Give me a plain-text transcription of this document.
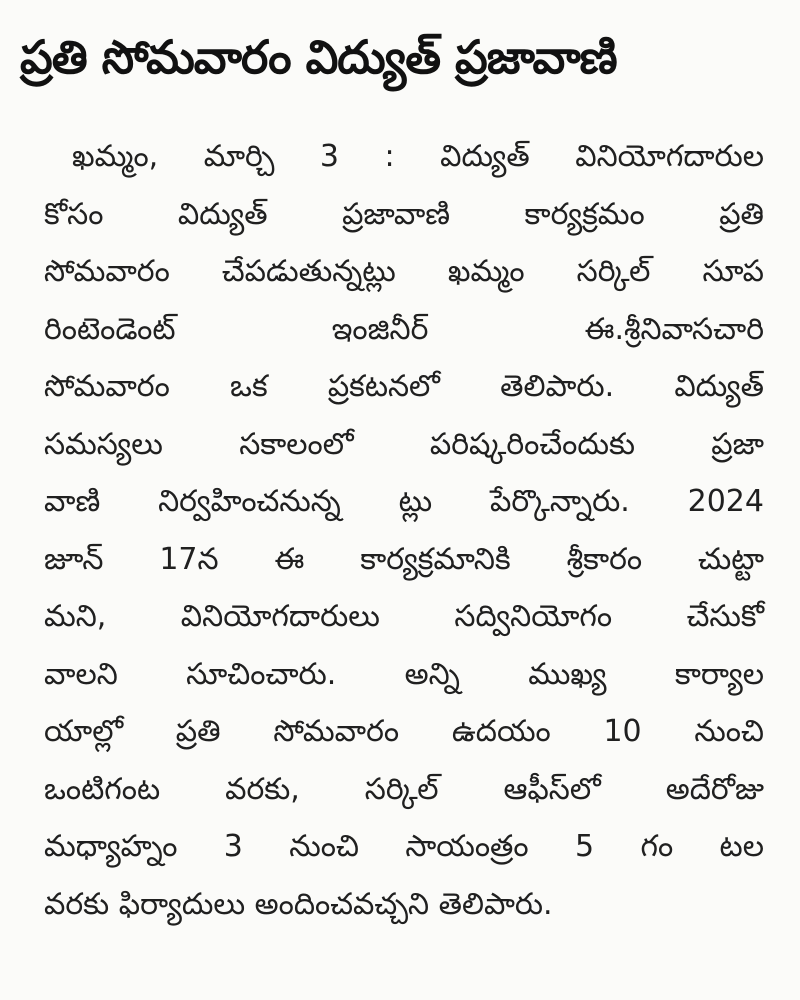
ప్రతి సోమవారం విద్యుత్ ప్రజావాణి
ఖమ్మం, మార్చి 3 : విద్యుత్ వినియోగదారుల
కోసం విద్యుత్ ప్రజావాణి కార్యక్రమం ప్రతి
సోమవారం చేపడుతున్నట్లు ఖమ్మం సర్కిల్ సూప
రింటెండెంట్ ఇంజినీర్ ఈ.శ్రీనివాసచారి
సోమవారం ఒక ప్రకటనలో తెలిపారు. విద్యుత్
సమస్యలు సకాలంలో పరిష్కరించేందుకు ప్రజా
వాణి నిర్వహించనున్న ట్లు పేర్కొన్నారు. 2024
జూన్ 17న ఈ కార్యక్రమానికి శ్రీకారం చుట్టా
మని, వినియోగదారులు సద్వినియోగం చేసుకో
వాలని సూచించారు. అన్ని ముఖ్య కార్యాల
యాల్లో ప్రతి సోమవారం ఉదయం 10 నుంచి
ఒంటిగంట వరకు, సర్కిల్ ఆఫీస్‌లో అదేరోజు
మధ్యాహ్నం 3 నుంచి సాయంత్రం 5 గం టల
వరకు ఫిర్యాదులు అందించవచ్చని తెలిపారు.
